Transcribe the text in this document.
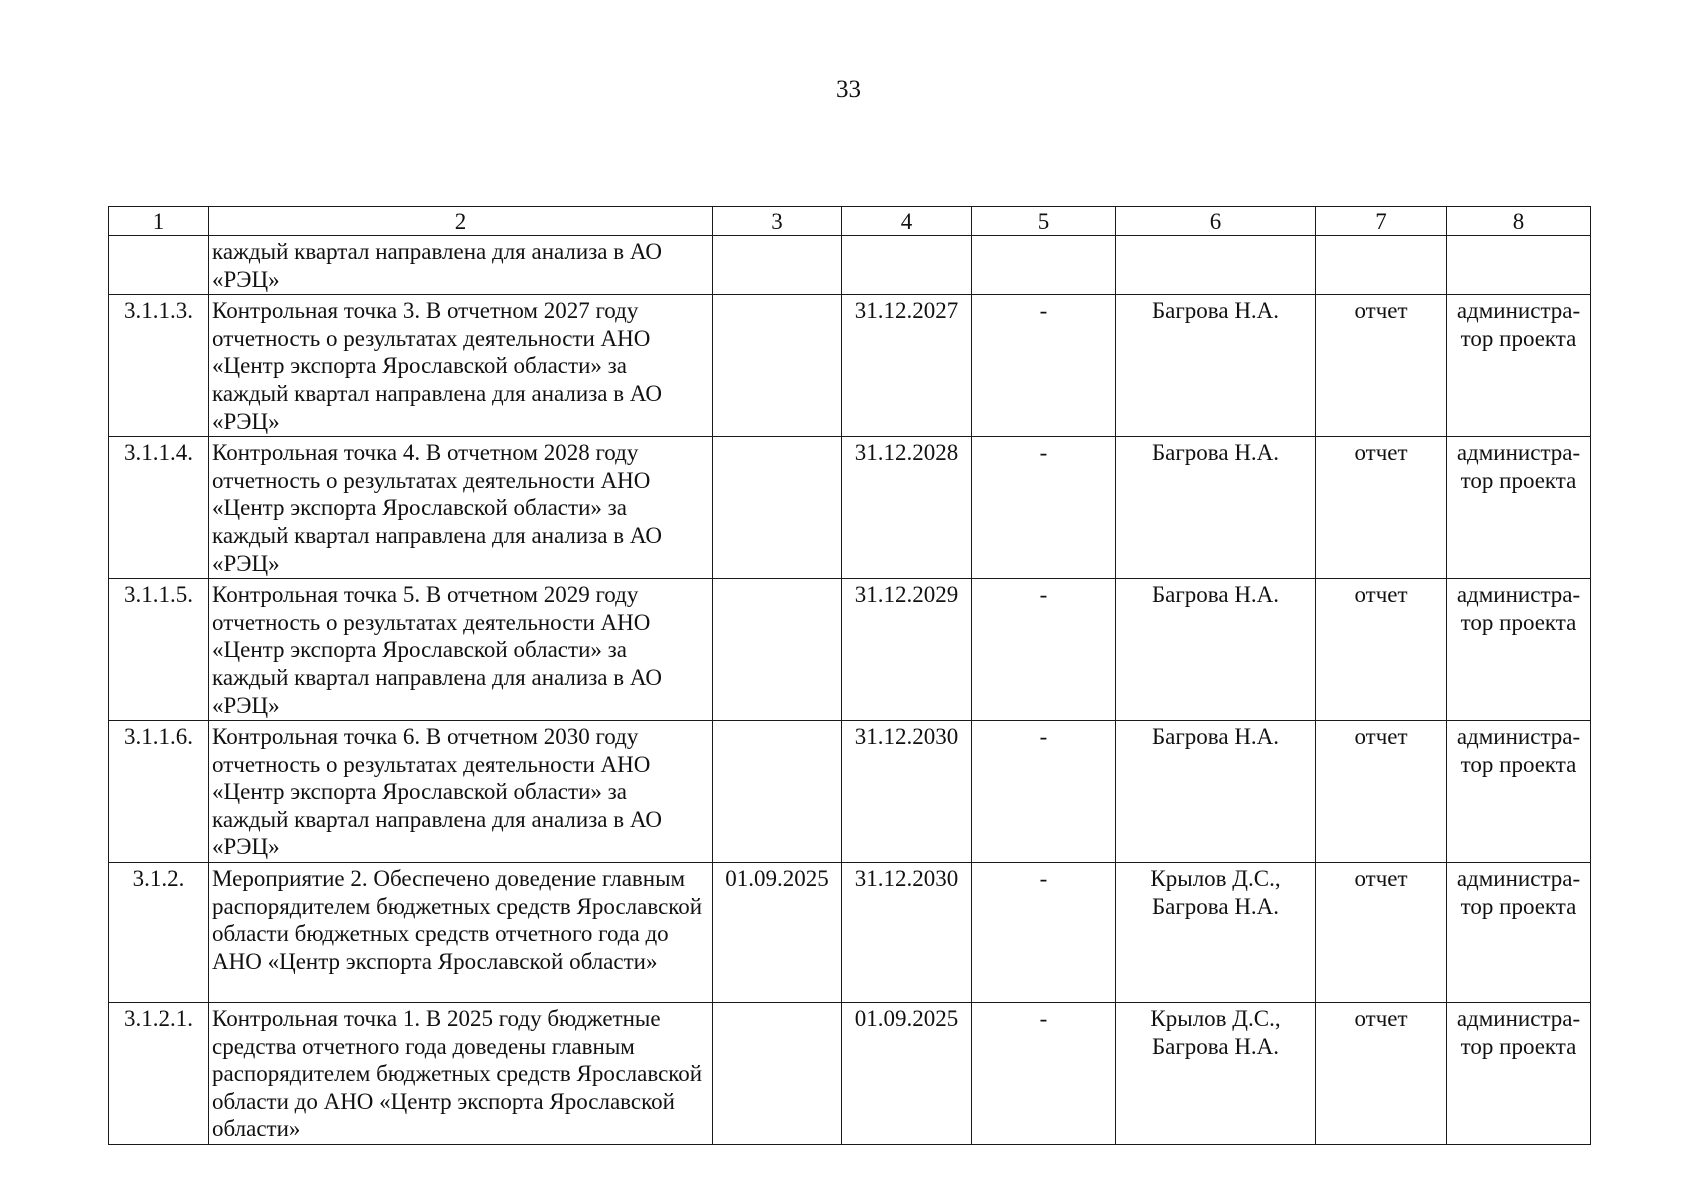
33
1	2	3	4	5	6	7	8
	каждый квартал направлена для анализа в АО «РЭЦ»						
3.1.1.3.	Контрольная точка 3. В отчетном 2027 году отчетность о результатах деятельности АНО «Центр экспорта Ярославской области» за каждый квартал направлена для анализа в АО «РЭЦ»		31.12.2027	-	Багрова Н.А.	отчет	администра-
тор проекта

3.1.1.4.	Контрольная точка 4. В отчетном 2028 году отчетность о результатах деятельности АНО «Центр экспорта Ярославской области» за каждый квартал направлена для анализа в АО «РЭЦ»		31.12.2028	-	Багрова Н.А.	отчет	администра-
тор проекта

3.1.1.5.	Контрольная точка 5. В отчетном 2029 году отчетность о результатах деятельности АНО «Центр экспорта Ярославской области» за каждый квартал направлена для анализа в АО «РЭЦ»		31.12.2029	-	Багрова Н.А.	отчет	администра-
тор проекта

3.1.1.6.	Контрольная точка 6. В отчетном 2030 году отчетность о результатах деятельности АНО «Центр экспорта Ярославской области» за каждый квартал направлена для анализа в АО «РЭЦ»		31.12.2030	-	Багрова Н.А.	отчет	администра-
тор проекта

3.1.2.	Мероприятие 2. Обеспечено доведение главным распорядителем бюджетных средств Ярославской области бюджетных средств отчетного года до АНО «Центр экспорта Ярославской области»	01.09.2025	31.12.2030	-	Крылов Д.С.,
Багрова Н.А.	отчет	администра-
тор проекта

3.1.2.1.	Контрольная точка 1. В 2025 году бюджетные средства отчетного года доведены главным распорядителем бюджетных средств Ярославской области до АНО «Центр экспорта Ярославской области»		01.09.2025	-	Крылов Д.С.,
Багрова Н.А.	отчет	администра-
тор проекта
